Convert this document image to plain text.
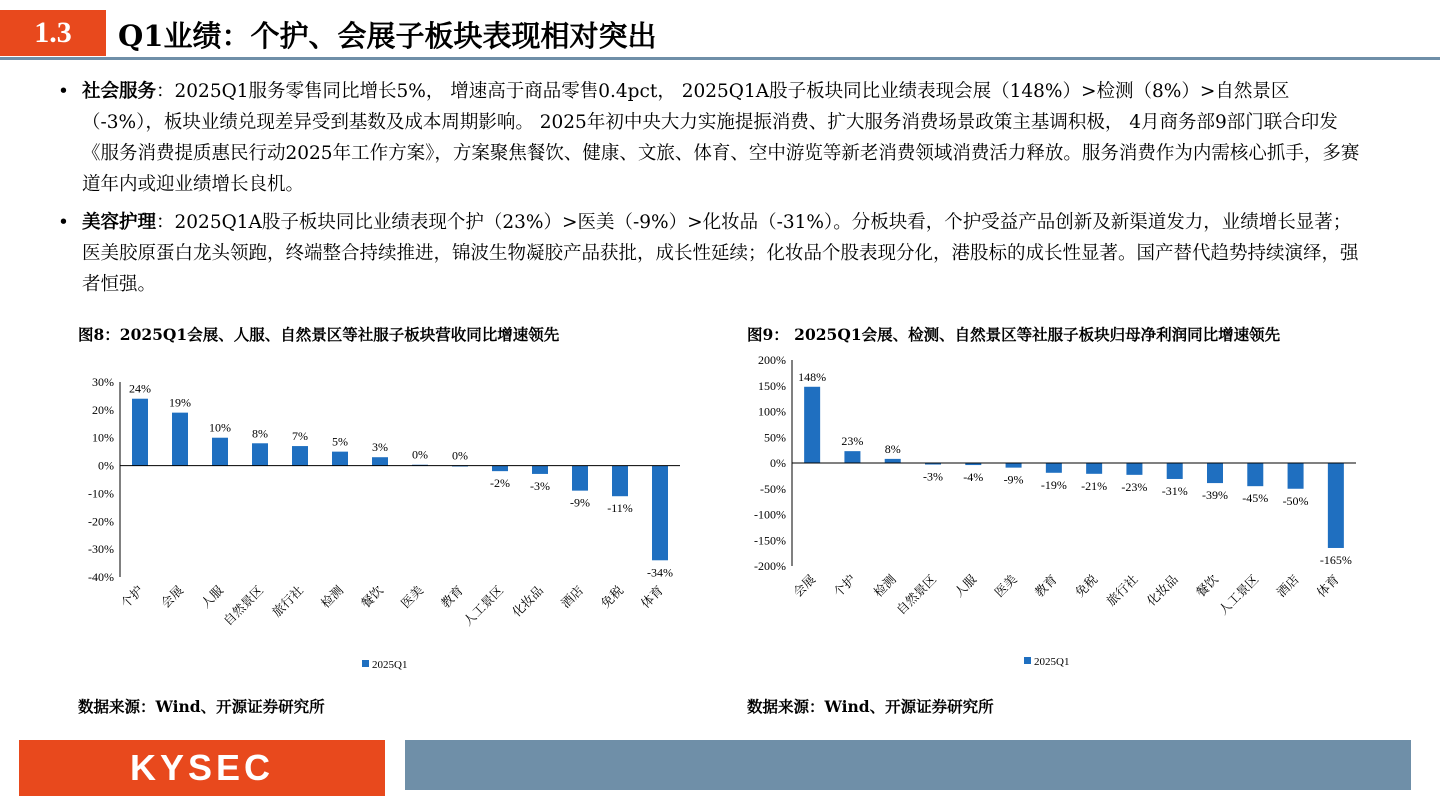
1.3	Q1业绩：个护、会展子板块表现相对突出
• 社会服务：2025Q1服务零售同比增长5%， 增速高于商品零售0.4pct， 2025Q1A股子板块同比业绩表现会展（148%）>检测（8%）>自然景区（-3%），板块业绩兑现差异受到基数及成本周期影响。 2025年初中央大力实施提振消费、扩大服务消费场景政策主基调积极， 4月商务部9部门联合印发《服务消费提质惠民行动2025年工作方案》，方案聚焦餐饮、健康、文旅、体育、空中游览等新老消费领域消费活力释放。服务消费作为内需核心抓手，多赛道年内或迎业绩增长良机。
• 美容护理：2025Q1A股子板块同比业绩表现个护（23%）>医美（-9%）>化妆品（-31%）。分板块看，个护受益产品创新及新渠道发力，业绩增长显著；医美胶原蛋白龙头领跑，终端整合持续推进，锦波生物凝胶产品获批，成长性延续；化妆品个股表现分化，港股标的成长性显著。国产替代趋势持续演绎，强者恒强。
图8：2025Q1会展、人服、自然景区等社服子板块营收同比增速领先	图9： 2025Q1会展、检测、自然景区等社服子板块归母净利润同比增速领先
30%
20%
10%
0%
-10%
-20%
-30%
-40%
24%
个护
19%
会展
10%
人服
8%
自然景区
7%
旅行社
5%
检测
3%
餐饮
0%
医美
0%
教育
-2%
人工景区
-3%
化妆品
-9%
酒店
-11%
免税
-34%
体育
2025Q1
200%
150%
100%
50%
0%
-50%
-100%
-150%
-200%
148%
会展
23%
个护
8%
检测
-3%
自然景区
-4%
人服
-9%
医美
-19%
教育
-21%
免税
-23%
旅行社
-31%
化妆品
-39%
餐饮
-45%
人工景区
-50%
酒店
-165%
体育
2025Q1
数据来源：Wind、开源证券研究所	数据来源：Wind、开源证券研究所
KYSEC
